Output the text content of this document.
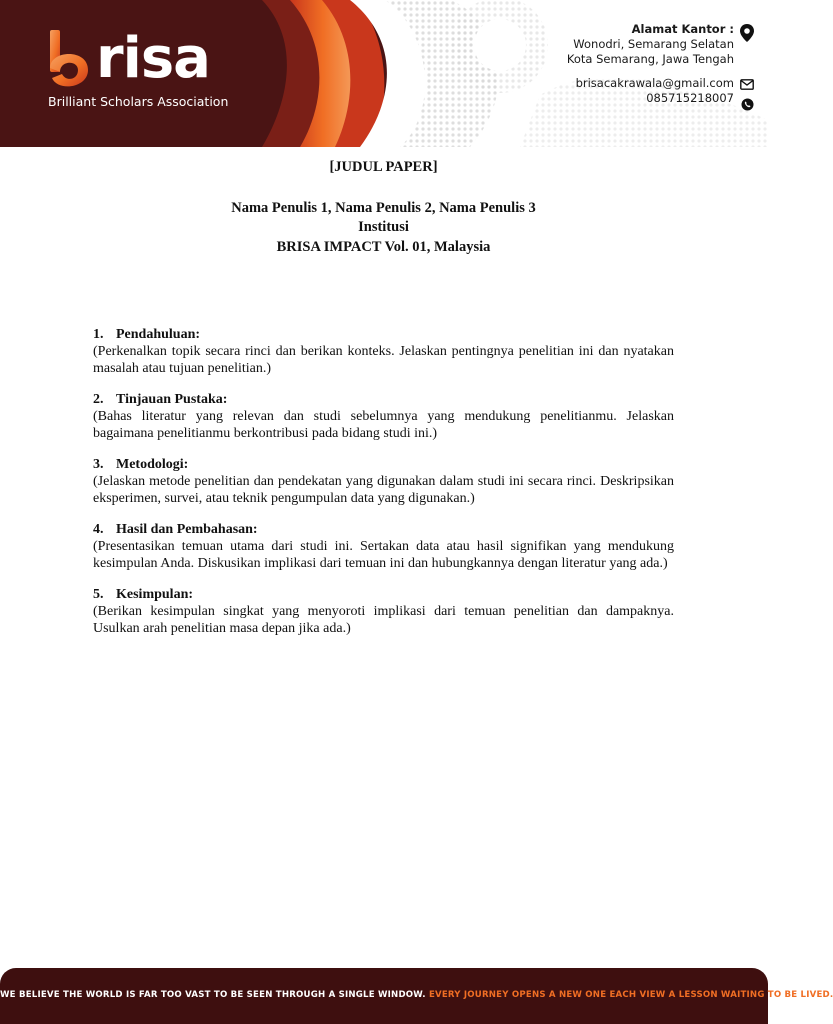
risa
Brilliant Scholars Association
Alamat Kantor :
Wonodri, Semarang Selatan
Kota Semarang, Jawa Tengah
brisacakrawala@gmail.com
085715218007
[JUDUL PAPER]
Nama Penulis 1, Nama Penulis 2, Nama Penulis 3
Institusi
BRISA IMPACT Vol. 01, Malaysia
1. Pendahuluan:
(Perkenalkan topik secara rinci dan berikan konteks. Jelaskan pentingnya penelitian ini dan nyatakan masalah atau tujuan penelitian.)
2. Tinjauan Pustaka:
(Bahas literatur yang relevan dan studi sebelumnya yang mendukung penelitianmu. Jelaskan bagaimana penelitianmu berkontribusi pada bidang studi ini.)
3. Metodologi:
(Jelaskan metode penelitian dan pendekatan yang digunakan dalam studi ini secara rinci. Deskripsikan eksperimen, survei, atau teknik pengumpulan data yang digunakan.)
4. Hasil dan Pembahasan:
(Presentasikan temuan utama dari studi ini. Sertakan data atau hasil signifikan yang mendukung kesimpulan Anda. Diskusikan implikasi dari temuan ini dan hubungkannya dengan literatur yang ada.)
5. Kesimpulan:
(Berikan kesimpulan singkat yang menyoroti implikasi dari temuan penelitian dan dampaknya. Usulkan arah penelitian masa depan jika ada.)
WE BELIEVE THE WORLD IS FAR TOO VAST TO BE SEEN THROUGH A SINGLE WINDOW. EVERY JOURNEY OPENS A NEW ONE EACH VIEW A LESSON WAITING TO BE LIVED.
